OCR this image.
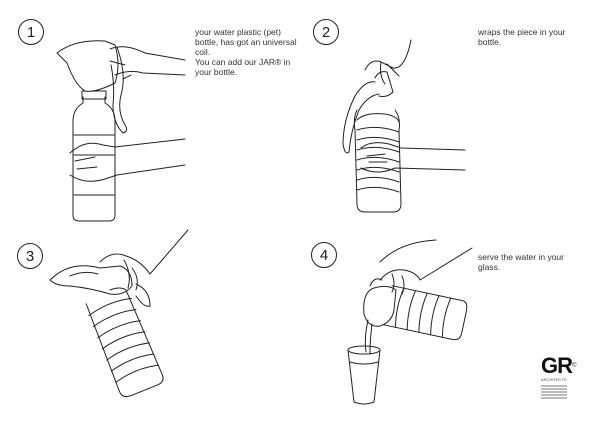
1	your water plastic (pet)
bottle, has got an universal
coil.
You can add our JAR® in
your bottle.
2	wraps the piece in your
bottle.
3	4	serve the water in your
glass.
GR©
ARCHITECTS
